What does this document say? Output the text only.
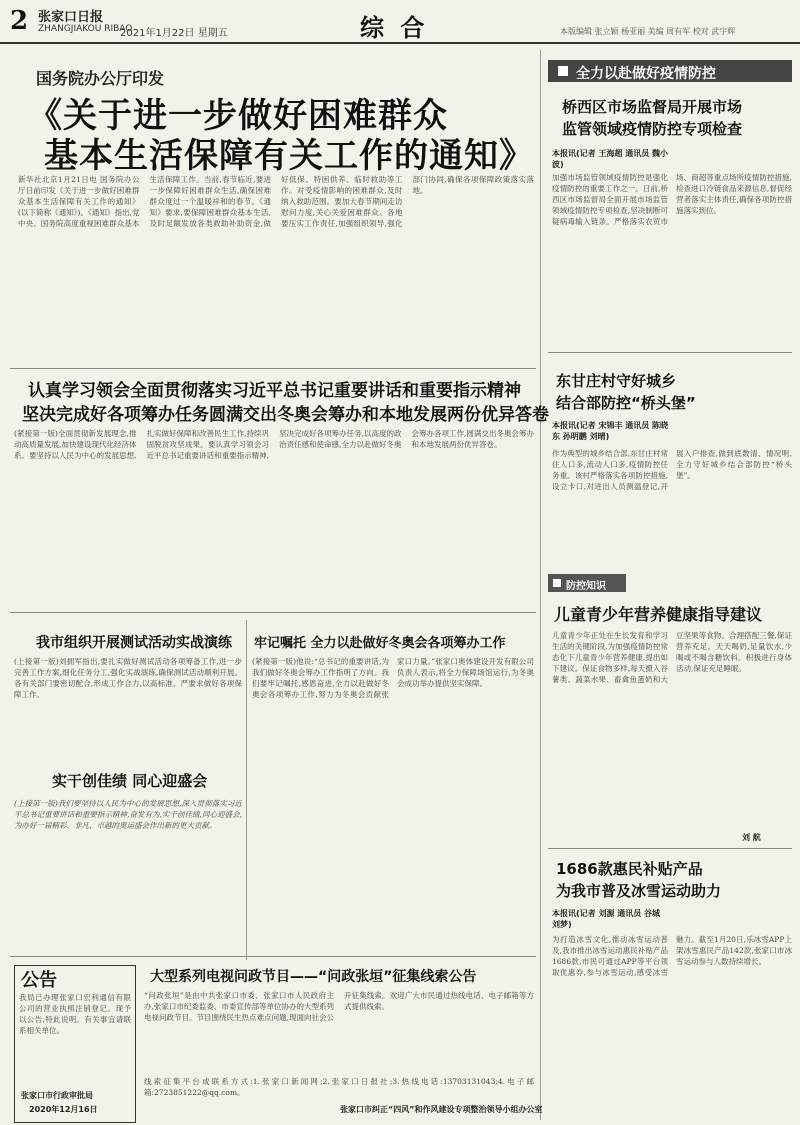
2 张家口日报
ZHANGJIAKOU RIBAO
2021年1月22日 星期五	综 合	本版编辑 张立颖 杨亚丽 美编 周有军 校对 武宇辉
国务院办公厅印发
《关于进一步做好困难群众
基本生活保障有关工作的通知》
新华社北京1月21日电 国务院办公厅日前印发《关于进一步做好困难群众基本生活保障有关工作的通知》(以下简称《通知》)。《通知》指出,党中央、国务院高度重视困难群众基本生活保障工作。当前,春节临近,要进一步保障好困难群众生活,确保困难群众度过一个温暖祥和的春节。《通知》要求,要保障困难群众基本生活,及时足额发放各类救助补助资金,做好低保、特困供养、临时救助等工作。对受疫情影响的困难群众,及时纳入救助范围。要加大春节期间走访慰问力度,关心关爱困难群众。各地要压实工作责任,加强组织领导,强化部门协同,确保各项保障政策落实落地。
认真学习领会全面贯彻落实习近平总书记重要讲话和重要指示精神
坚决完成好各项筹办任务圆满交出冬奥会筹办和本地发展两份优异答卷
(紧接第一版)全面贯彻新发展理念,推动高质量发展,加快建设现代化经济体系。要坚持以人民为中心的发展思想,扎实做好保障和改善民生工作,持续巩固脱贫攻坚成果。要认真学习领会习近平总书记重要讲话和重要指示精神,坚决完成好各项筹办任务,以高度的政治责任感和使命感,全力以赴做好冬奥会筹办各项工作,圆满交出冬奥会筹办和本地发展两份优异答卷。
我市组织开展测试活动实战演练
(上接第一版)刘拥军指出,要扎实做好测试活动各项筹备工作,进一步完善工作方案,细化任务分工,强化实战演练,确保测试活动顺利开展。各有关部门要密切配合,形成工作合力,以高标准、严要求做好各项保障工作。
实干创佳绩 同心迎盛会
(上接第一版)我们要坚持以人民为中心的发展思想,深入贯彻落实习近平总书记重要讲话和重要指示精神,奋发有为,实干创佳绩,同心迎盛会,为办好一届精彩、非凡、卓越的奥运盛会作出新的更大贡献。
牢记嘱托 全力以赴做好冬奥会各项筹办工作
(紧接第一版)他说:“总书记的重要讲话,为我们做好冬奥会筹办工作指明了方向。我们要牢记嘱托,感恩奋进,全力以赴做好冬奥会各项筹办工作,努力为冬奥会贡献张家口力量。”张家口奥体建设开发有限公司负责人表示,将全力保障场馆运行,为冬奥会成功举办提供坚实保障。
公告
我局已办理张家口宏利通信有限公司的营业执照注销登记。现予以公告,特此说明。有关事宜请联系相关单位。
张家口市行政审批局
2020年12月16日
大型系列电视问政节目——“问政张垣”征集线索公告
“问政张垣”是由中共张家口市委、张家口市人民政府主办,张家口市纪委监委、市委宣传部等单位协办的大型系列电视问政节目。节目围绕民生热点难点问题,现面向社会公开征集线索。欢迎广大市民通过热线电话、电子邮箱等方式提供线索。
线索征集平台或联系方式:1.张家口新闻网;2.张家口日报社;3.热线电话:13703131043;4.电子邮箱:2723851222@qq.com。
张家口市纠正“四风”和作风建设专项整治领导小组办公室
全力以赴做好疫情防控
桥西区市场监督局开展市场
监管领域疫情防控专项检查
本报讯(记者 王海超 通讯员 魏小波)
加强市场监管领域疫情防控是强化疫情防控的重要工作之一。日前,桥西区市场监督局全面开展市场监管领域疫情防控专项检查,坚决制断可疑病毒输入链条。严格落实农贸市场、商超等重点场所疫情防控措施,检查进口冷链食品来源信息,督促经营者落实主体责任,确保各项防控措施落实到位。
东甘庄村守好城乡
结合部防控“桥头堡”
本报讯(记者 宋锦丰 通讯员 陈晓东 孙明鹏 刘晴)
作为典型的城乡结合部,东甘庄村常住人口多,流动人口多,疫情防控任务重。该村严格落实各项防控措施,设立卡口,对进出人员测温登记,开展入户排查,做到底数清、情况明,全力守好城乡结合部防控“桥头堡”。
防控知识
儿童青少年营养健康指导建议
儿童青少年正处在生长发育和学习生活的关键阶段,为加强疫情防控常态化下儿童青少年营养健康,提出如下建议。保证食物多样,每天摄入谷薯类、蔬菜水果、畜禽鱼蛋奶和大豆坚果等食物。合理搭配三餐,保证营养充足。天天喝奶,足量饮水,少喝或不喝含糖饮料。积极进行身体活动,保证充足睡眠。
刘 航
1686款惠民补贴产品
为我市普及冰雪运动助力
本报讯(记者 刘源 通讯员 谷城 刘梦)
为打造冰雪文化,推动冰雪运动普及,我市推出冰雪运动惠民补贴产品1686款,市民可通过APP等平台领取优惠券,参与冰雪运动,感受冰雪魅力。截至1月20日,乐冰雪APP上架冰雪惠民产品142款,张家口市冰雪运动参与人数持续增长。
